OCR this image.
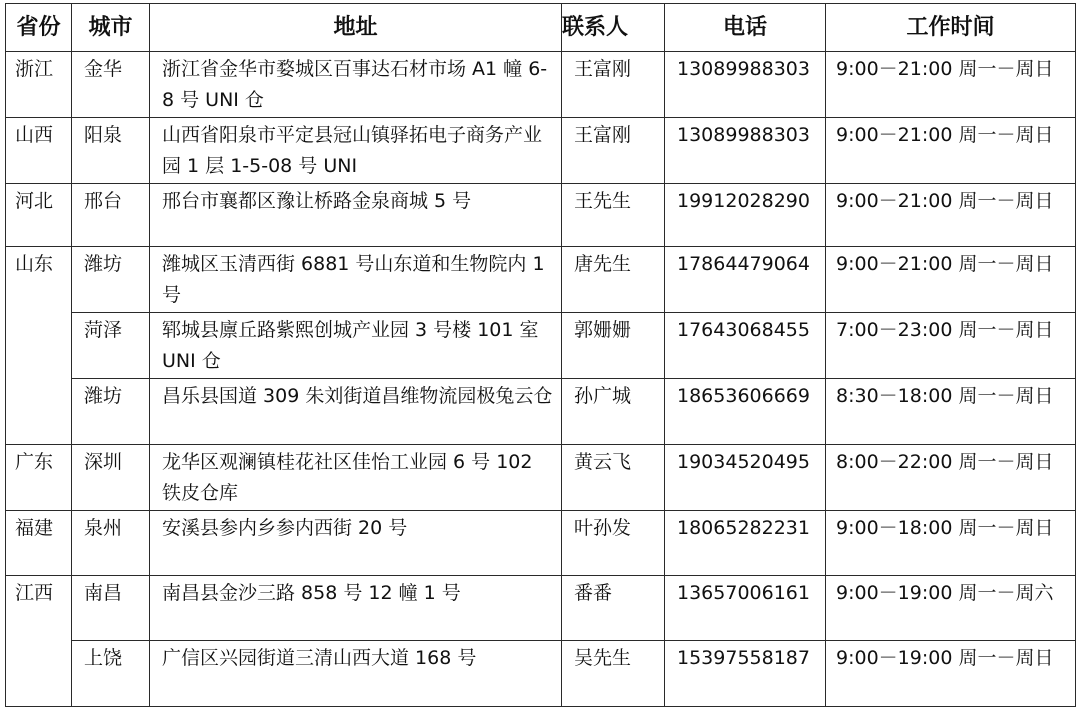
省份	城市	地址	联系人	电话	工作时间
浙江	金华	浙江省金华市婺城区百事达石材市场 A1 幢 6-8 号 UNI 仓	王富刚	13089988303	9:00－21:00 周一－周日
山西	阳泉	山西省阳泉市平定县冠山镇驿拓电子商务产业园 1 层 1-5-08 号 UNI	王富刚	13089988303	9:00－21:00 周一－周日
河北	邢台	邢台市襄都区豫让桥路金泉商城 5 号	王先生	19912028290	9:00－21:00 周一－周日
山东	潍坊	潍城区玉清西街 6881 号山东道和生物院内 1 号	唐先生	17864479064	9:00－21:00 周一－周日
	菏泽	郓城县廪丘路紫熙创城产业园 3 号楼 101 室 UNI 仓	郭姗姗	17643068455	7:00－23:00 周一－周日
	潍坊	昌乐县国道 309 朱刘街道昌维物流园极兔云仓	孙广城	18653606669	8:30－18:00 周一－周日
广东	深圳	龙华区观澜镇桂花社区佳怡工业园 6 号 102 铁皮仓库	黄云飞	19034520495	8:00－22:00 周一－周日
福建	泉州	安溪县参内乡参内西街 20 号	叶孙发	18065282231	9:00－18:00 周一－周日
江西	南昌	南昌县金沙三路 858 号 12 幢 1 号	番番	13657006161	9:00－19:00 周一－周六
	上饶	广信区兴园街道三清山西大道 168 号	吴先生	15397558187	9:00－19:00 周一－周日
